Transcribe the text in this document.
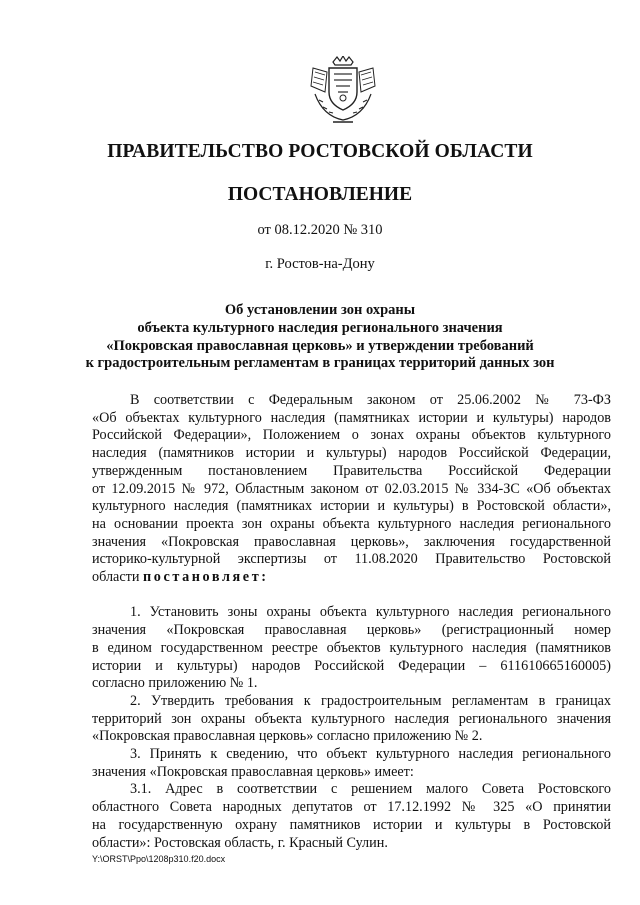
ПРАВИТЕЛЬСТВО РОСТОВСКОЙ ОБЛАСТИ
ПОСТАНОВЛЕНИЕ
от 08.12.2020 № 310
г. Ростов-на-Дону
Об установлении зон охраны
объекта культурного наследия регионального значения
«Покровская православная церковь» и утверждении требований
к градостроительным регламентам в границах территорий данных зон
В соответствии с Федеральным законом от 25.06.2002 № 73-ФЗ
«Об объектах культурного наследия (памятниках истории и культуры) народов
Российской Федерации», Положением о зонах охраны объектов культурного
наследия (памятников истории и культуры) народов Российской Федерации,
утвержденным постановлением Правительства Российской Федерации
от 12.09.2015 № 972, Областным законом от 02.03.2015 № 334-ЗС «Об объектах
культурного наследия (памятниках истории и культуры) в Ростовской области»,
на основании проекта зон охраны объекта культурного наследия регионального
значения «Покровская православная церковь», заключения государственной
историко-культурной экспертизы от 11.08.2020 Правительство Ростовской
области постановляет:
1. Установить зоны охраны объекта культурного наследия регионального
значения «Покровская православная церковь» (регистрационный номер
в едином государственном реестре объектов культурного наследия (памятников
истории и культуры) народов Российской Федерации – 611610665160005)
согласно приложению № 1.
2. Утвердить требования к градостроительным регламентам в границах
территорий зон охраны объекта культурного наследия регионального значения
«Покровская православная церковь» согласно приложению № 2.
3. Принять к сведению, что объект культурного наследия регионального
значения «Покровская православная церковь» имеет:
3.1. Адрес в соответствии с решением малого Совета Ростовского
областного Совета народных депутатов от 17.12.1992 № 325 «О принятии
на государственную охрану памятников истории и культуры в Ростовской
области»: Ростовская область, г. Красный Сулин.
Y:\ORST\Ppo\1208p310.f20.docx
